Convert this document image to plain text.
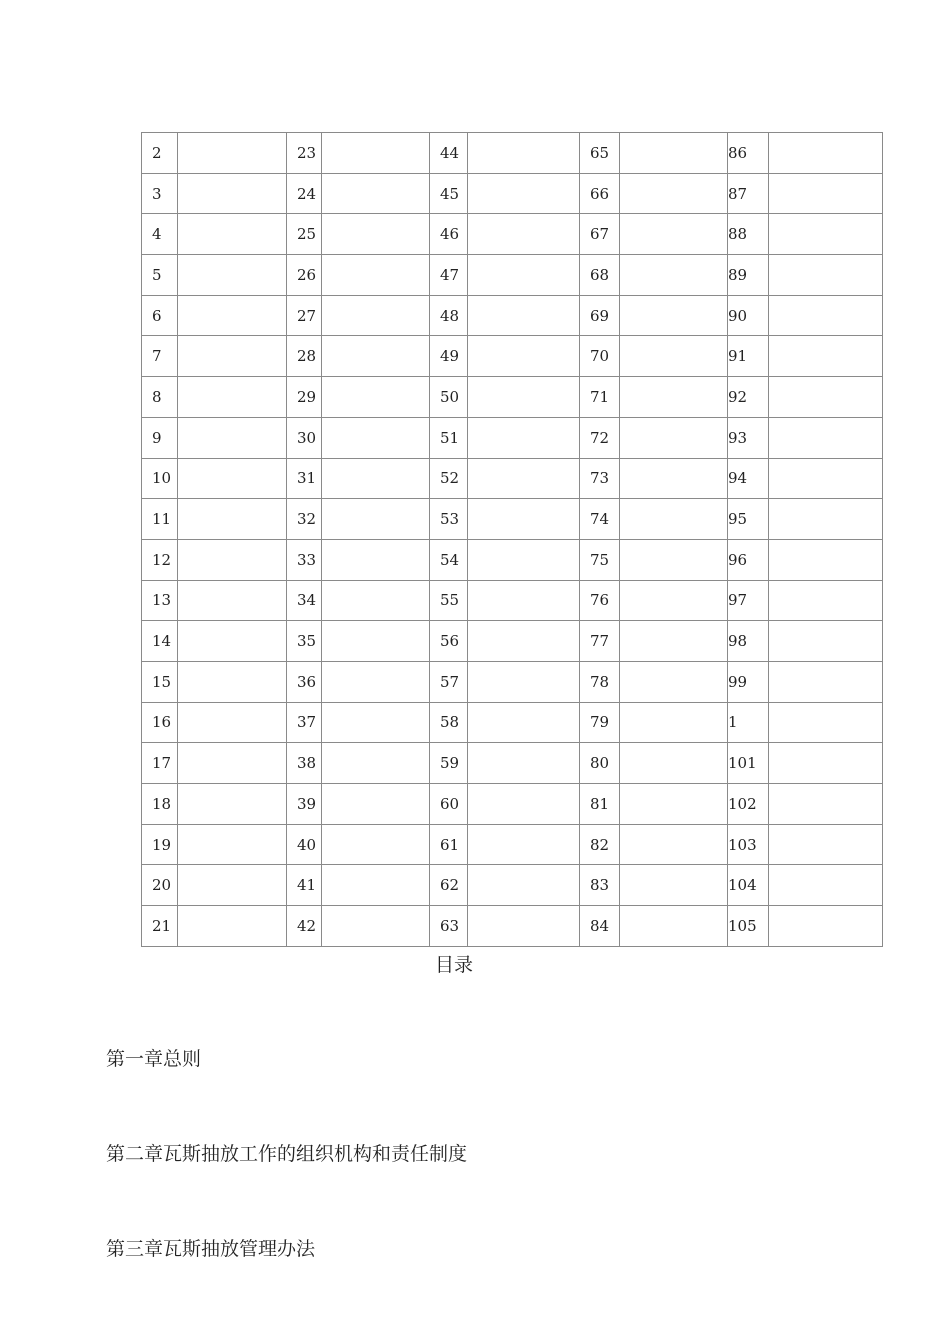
2		23		44		65		86	
3		24		45		66		87	
4		25		46		67		88	
5		26		47		68		89	
6		27		48		69		90	
7		28		49		70		91	
8		29		50		71		92	
9		30		51		72		93	
10		31		52		73		94	
11		32		53		74		95	
12		33		54		75		96	
13		34		55		76		97	
14		35		56		77		98	
15		36		57		78		99	
16		37		58		79		1	
17		38		59		80		101	
18		39		60		81		102	
19		40		61		82		103	
20		41		62		83		104	
21		42		63		84		105	
目录
第一章总则
第二章瓦斯抽放工作的组织机构和责任制度
第三章瓦斯抽放管理办法
